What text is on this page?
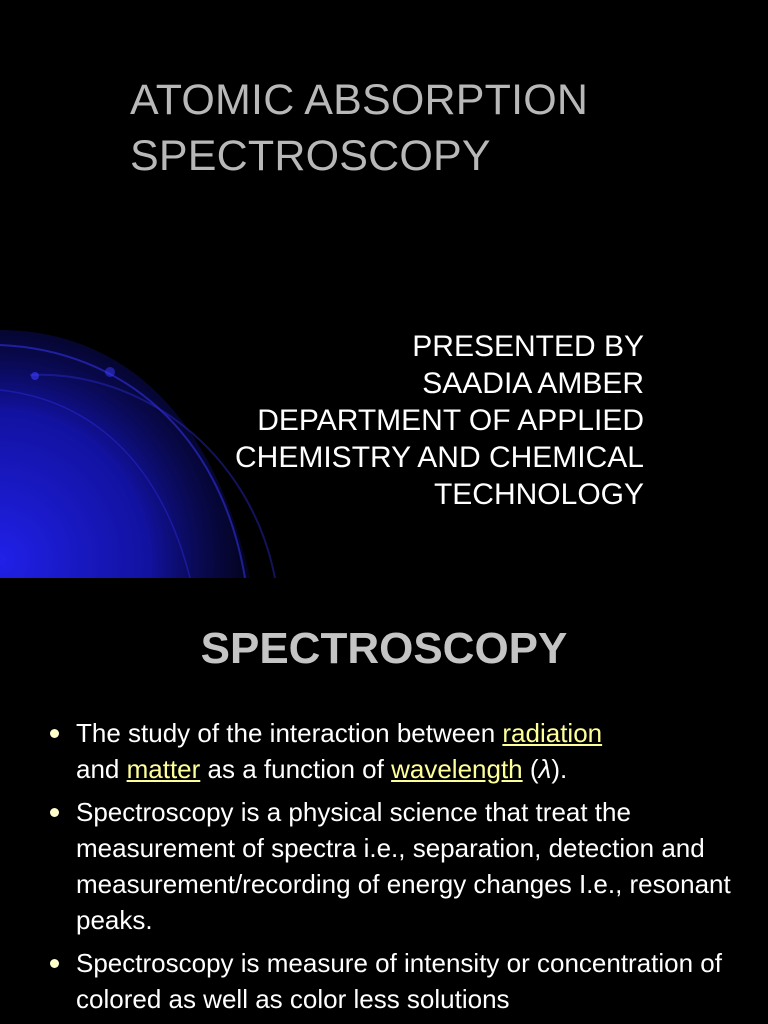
ATOMIC ABSORPTION
SPECTROSCOPY
PRESENTED BY
SAADIA AMBER
DEPARTMENT OF APPLIED
CHEMISTRY AND CHEMICAL
TECHNOLOGY
SPECTROSCOPY
The study of the interaction between radiation
and matter as a function of wavelength (λ).
Spectroscopy is a physical science that treat the measurement of spectra i.e., separation, detection and measurement/recording of energy changes I.e., resonant peaks.
Spectroscopy is measure of intensity or concentration of colored as well as color less solutions
